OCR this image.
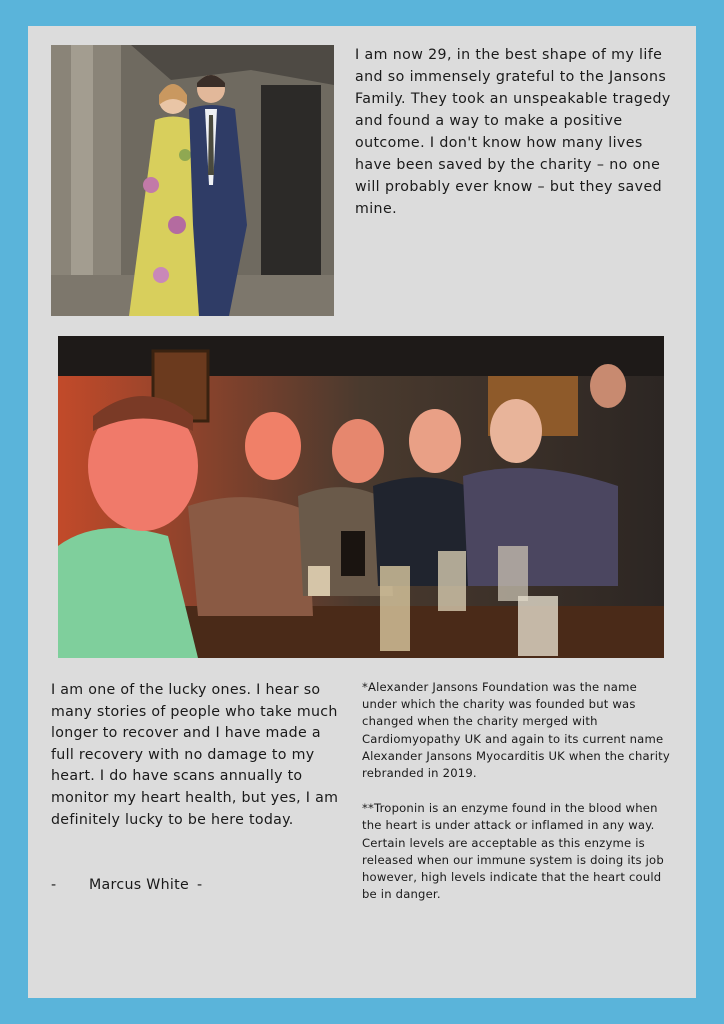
I am now 29, in the best shape of my life and so immensely grateful to the Jansons Family. They took an unspeakable tragedy and found a way to make a positive outcome. I don't know how many lives have been saved by the charity – no one will probably ever know – but they saved mine.

I am one of the lucky ones. I hear so many stories of people who take much longer to recover and I have made a full recovery with no damage to my heart. I do have scans annually to monitor my heart health, but yes, I am definitely lucky to be here today.

- Marcus White -

*Alexander Jansons Foundation was the name under which the charity was founded but was changed when the charity merged with Cardiomyopathy UK and again to its current name Alexander Jansons Myocarditis UK when the charity rebranded in 2019.

**Troponin is an enzyme found in the blood when the heart is under attack or inflamed in any way. Certain levels are acceptable as this enzyme is released when our immune system is doing its job however, high levels indicate that the heart could be in danger.
